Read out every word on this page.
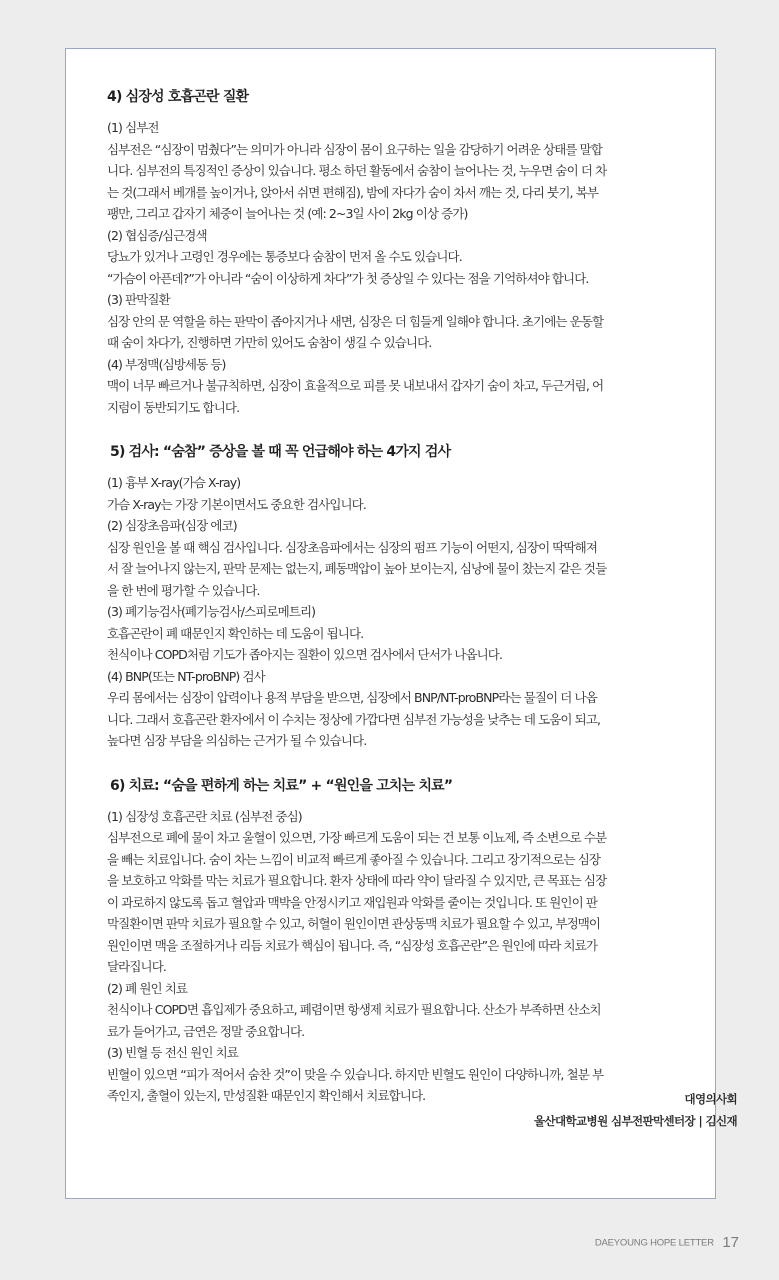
4) 심장성 호흡곤란 질환
(1) 심부전
심부전은 “심장이 멈췄다”는 의미가 아니라 심장이 몸이 요구하는 일을 감당하기 어려운 상태를 말합
니다. 심부전의 특징적인 증상이 있습니다. 평소 하던 활동에서 숨참이 늘어나는 것, 누우면 숨이 더 차
는 것(그래서 베개를 높이거나, 앉아서 쉬면 편해짐), 밤에 자다가 숨이 차서 깨는 것, 다리 붓기, 복부
팽만, 그리고 갑자기 체중이 늘어나는 것 (예: 2~3일 사이 2kg 이상 증가)
(2) 협심증/심근경색
당뇨가 있거나 고령인 경우에는 통증보다 숨참이 먼저 올 수도 있습니다.
“가슴이 아픈데?”가 아니라 “숨이 이상하게 차다”가 첫 증상일 수 있다는 점을 기억하셔야 합니다.
(3) 판막질환
심장 안의 문 역할을 하는 판막이 좁아지거나 새면, 심장은 더 힘들게 일해야 합니다. 초기에는 운동할
때 숨이 차다가, 진행하면 가만히 있어도 숨참이 생길 수 있습니다.
(4) 부정맥(심방세동 등)
맥이 너무 빠르거나 불규칙하면, 심장이 효율적으로 피를 못 내보내서 갑자기 숨이 차고, 두근거림, 어
지럼이 동반되기도 합니다.
5) 검사: “숨참” 증상을 볼 때 꼭 언급해야 하는 4가지 검사
(1) 흉부 X-ray(가슴 X-ray)
가슴 X-ray는 가장 기본이면서도 중요한 검사입니다.
(2) 심장초음파(심장 에코)
심장 원인을 볼 때 핵심 검사입니다. 심장초음파에서는 심장의 펌프 기능이 어떤지, 심장이 딱딱해져
서 잘 늘어나지 않는지, 판막 문제는 없는지, 폐동맥압이 높아 보이는지, 심낭에 물이 찼는지 같은 것들
을 한 번에 평가할 수 있습니다.
(3) 폐기능검사(폐기능검사/스피로메트리)
호흡곤란이 폐 때문인지 확인하는 데 도움이 됩니다.
천식이나 COPD처럼 기도가 좁아지는 질환이 있으면 검사에서 단서가 나옵니다.
(4) BNP(또는 NT-proBNP) 검사
우리 몸에서는 심장이 압력이나 용적 부담을 받으면, 심장에서 BNP/NT-proBNP라는 물질이 더 나옵
니다. 그래서 호흡곤란 환자에서 이 수치는 정상에 가깝다면 심부전 가능성을 낮추는 데 도움이 되고,
높다면 심장 부담을 의심하는 근거가 될 수 있습니다.
6) 치료: “숨을 편하게 하는 치료” + “원인을 고치는 치료”
(1) 심장성 호흡곤란 치료 (심부전 중심)
심부전으로 폐에 물이 차고 울혈이 있으면, 가장 빠르게 도움이 되는 건 보통 이뇨제, 즉 소변으로 수분
을 빼는 치료입니다. 숨이 차는 느낌이 비교적 빠르게 좋아질 수 있습니다. 그리고 장기적으로는 심장
을 보호하고 악화를 막는 치료가 필요합니다. 환자 상태에 따라 약이 달라질 수 있지만, 큰 목표는 심장
이 과로하지 않도록 돕고 혈압과 맥박을 안정시키고 재입원과 악화를 줄이는 것입니다. 또 원인이 판
막질환이면 판막 치료가 필요할 수 있고, 허혈이 원인이면 관상동맥 치료가 필요할 수 있고, 부정맥이
원인이면 맥을 조절하거나 리듬 치료가 핵심이 됩니다. 즉, “심장성 호흡곤란”은 원인에 따라 치료가
달라집니다.
(2) 폐 원인 치료
천식이나 COPD면 흡입제가 중요하고, 폐렴이면 항생제 치료가 필요합니다. 산소가 부족하면 산소치
료가 들어가고, 금연은 정말 중요합니다.
(3) 빈혈 등 전신 원인 치료
빈혈이 있으면 “피가 적어서 숨찬 것”이 맞을 수 있습니다. 하지만 빈혈도 원인이 다양하니까, 철분 부
족인지, 출혈이 있는지, 만성질환 때문인지 확인해서 치료합니다.	대영의사회
울산대학교병원 심부전판막센터장 | 김신재
DAEYOUNG HOPE LETTER 17
